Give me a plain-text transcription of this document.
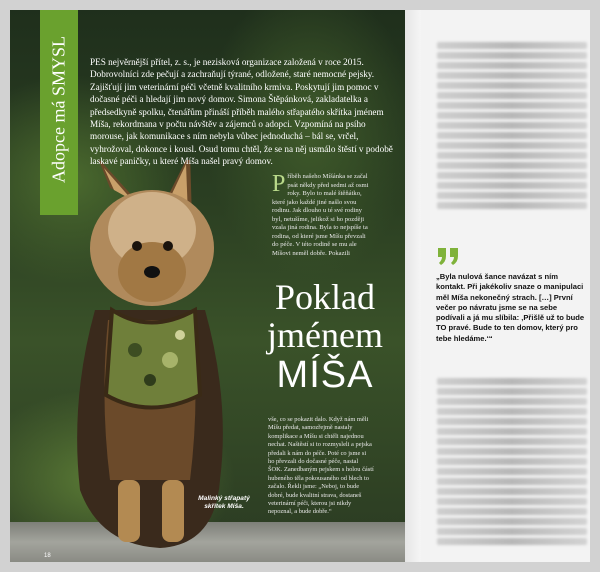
Adopce má SMYSL	PES nejvěrnější přítel, z. s., je nezisková organizace založená v roce 2015. Dobrovolníci zde pečují a zachraňují týrané, odložené, staré nemocné pejsky. Zajišťují jim veterinární péči včetně kvalitního krmiva. Poskytují jim pomoc v dočasné péči a hledají jim nový domov. Simona Štěpánková, zakladatelka a předsedkyně spolku, čtenářům přináší příběh malého střapatého skřítka jménem Míša, rekordmana v počtu návštěv a zájemců o adopci. Vzpomíná na psího morouse, jak komunikace s ním nebyla vůbec jednoduchá – bál se, vrčel, vyhrožoval, dokonce i kousl. Osud tomu chtěl, že se na něj usmálo štěstí v podobě laskavé paničky, u které Míša našel pravý domov.
P říběh našeho Míšánka se začal psát někdy před sedmi až osmi roky. Bylo to malé štěňátko, které jako každé jiné našlo svou rodinu. Jak dlouho u té své rodiny byl, netušíme, jelikož si ho později vzala jiná rodina. Byla to nejspíše ta rodina, od které jsme Míšu převzali do péče. V této rodině se mu ale Míšovi neměl dobře. Pokazili
Poklad
jménem
MÍŠA
vše, co se pokazit dalo. Když nám měli Míšu předat, samozřejmě nastaly komplikace a Míšu si chtěli najednou nechat. Naštěstí si to rozmysleli a pejska předali k nám do péče. Poté co jsme si ho převzali do dočasné péče, nastal ŠOK. Zanedbaným pejskem s holou částí hubeného těla pokousaného od blech to začalo. Řekli jsme: „Neboj, to bude dobré, bude kvalitní strava, dostaneš veterinární péči, kterou jsi nikdy nepoznal, a bude dobře.“
Malinký střapatý skřítek Míša.
18
„Byla nulová šance navázat s ním kontakt. Při jakékoliv snaze o manipulaci měl Míša nekonečný strach. […] První večer po návratu jsme se na sebe podívali a já mu slíbila: ‚Přišlě už to bude TO pravé. Bude to ten domov, který pro tebe hledáme.‘“
